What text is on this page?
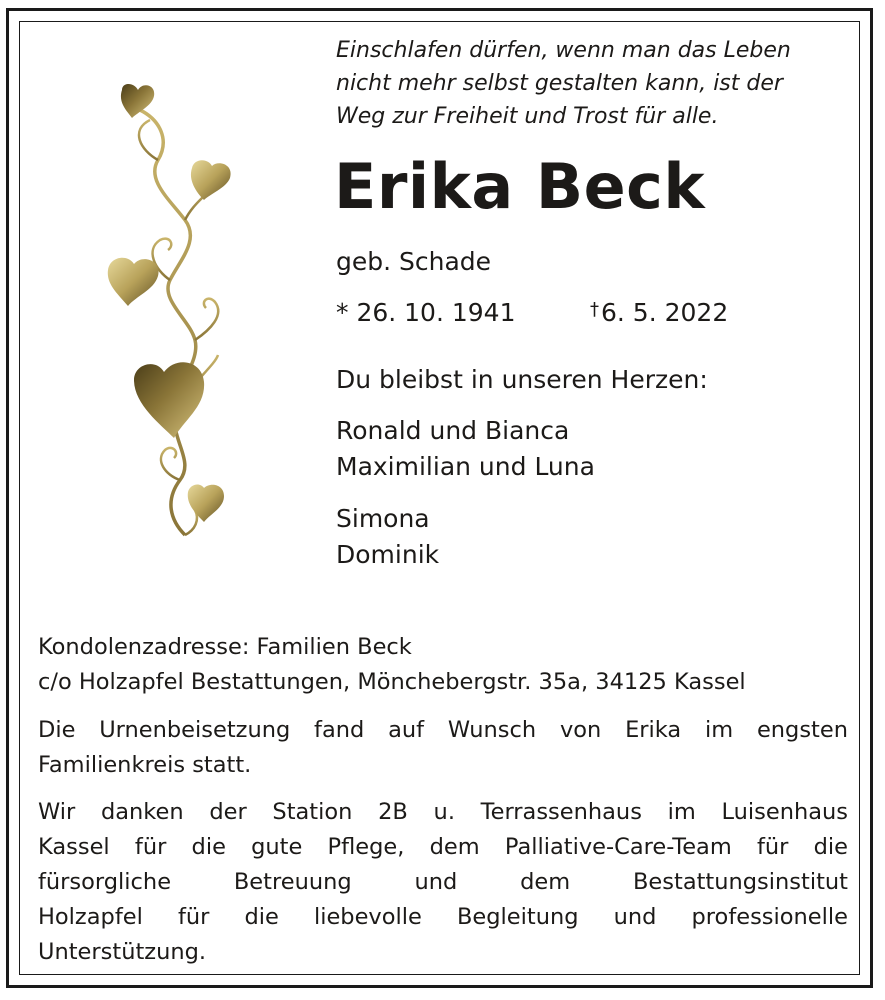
Einschlafen dürfen, wenn man das Leben
nicht mehr selbst gestalten kann, ist der
Weg zur Freiheit und Trost für alle.
Erika Beck
geb. Schade
* 26. 10. 1941	†6. 5. 2022
Du bleibst in unseren Herzen:
Ronald und Bianca
Maximilian und Luna
Simona
Dominik
Kondolenzadresse: Familien Beck
c/o Holzapfel Bestattungen, Mönchebergstr. 35a, 34125 Kassel
Die Urnenbeisetzung fand auf Wunsch von Erika im engsten
Familienkreis statt.
Wir danken der Station 2B u. Terrassenhaus im Luisenhaus
Kassel für die gute Pflege, dem Palliative-Care-Team für die
fürsorgliche Betreuung und dem Bestattungsinstitut
Holzapfel für die liebevolle Begleitung und professionelle
Unterstützung.
